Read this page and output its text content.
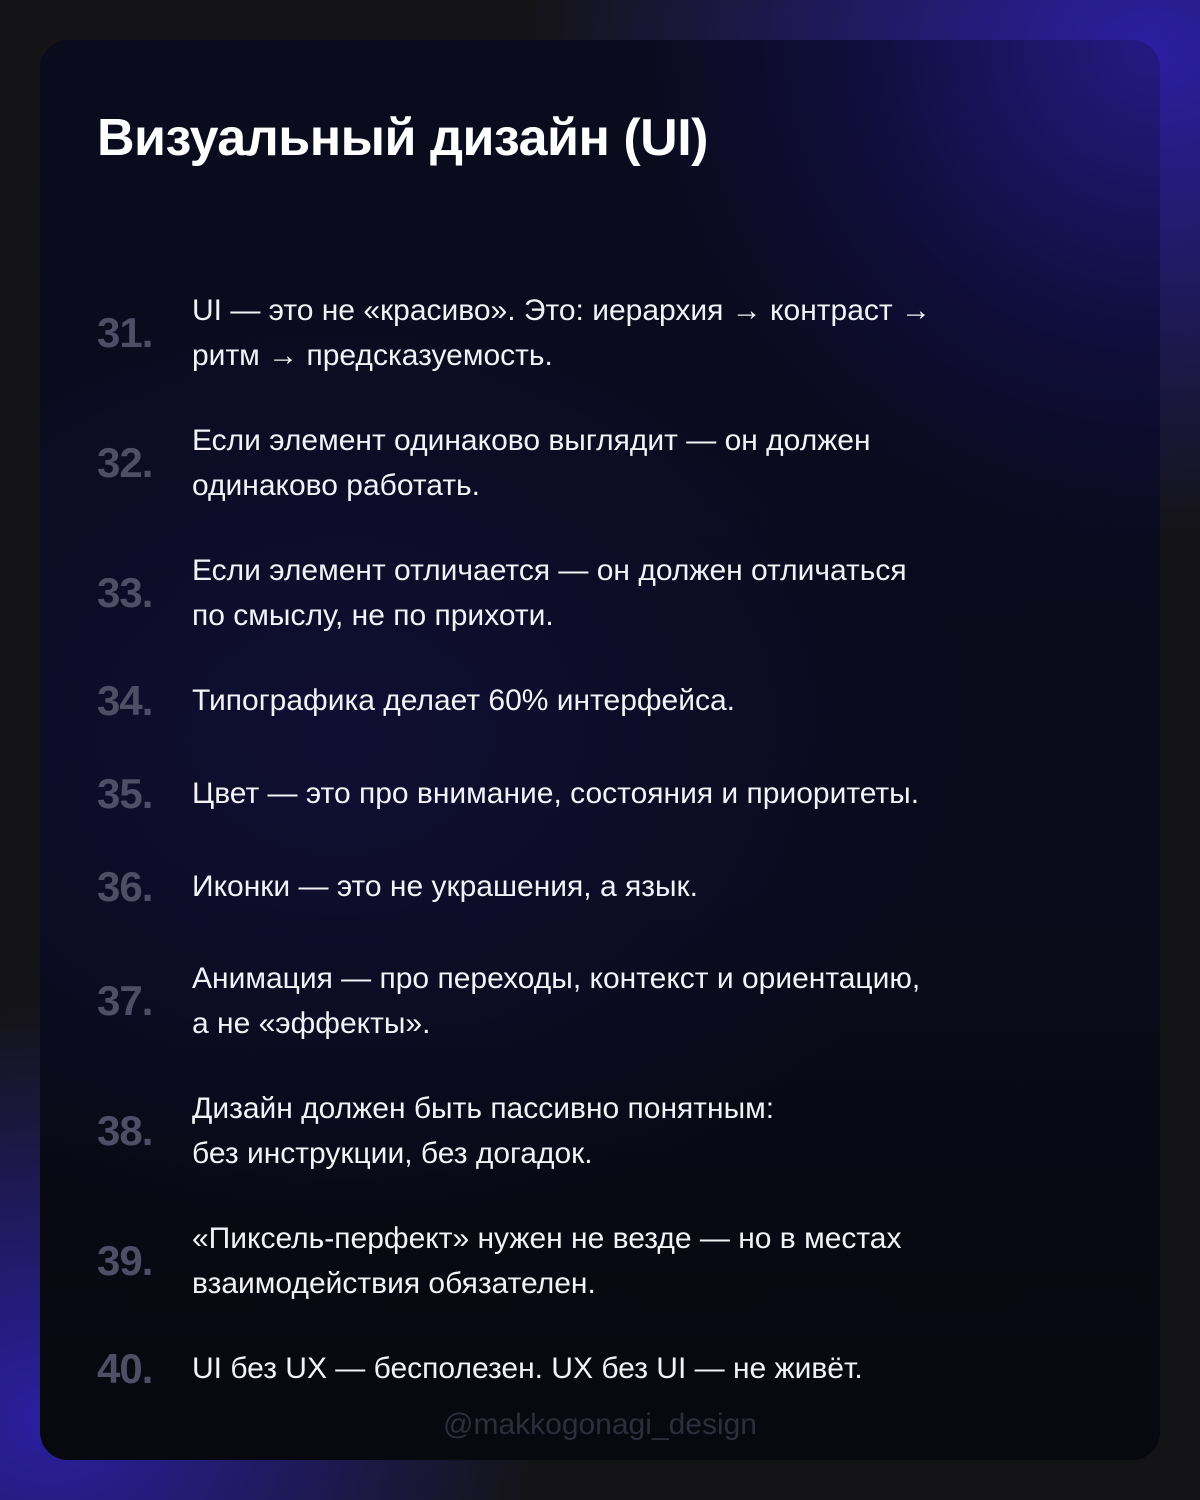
Визуальный дизайн (UI)
31.	UI — это не «красиво». Это: иерархия → контраст →
ритм → предсказуемость.
32.	Если элемент одинаково выглядит — он должен
одинаково работать.
33.	Если элемент отличается — он должен отличаться
по смыслу, не по прихоти.
34.	Типографика делает 60% интерфейса.
35.	Цвет — это про внимание, состояния и приоритеты.
36.	Иконки — это не украшения, а язык.
37.	Анимация — про переходы, контекст и ориентацию,
а не «эффекты».
38.	Дизайн должен быть пассивно понятным:
без инструкции, без догадок.
39.	«Пиксель-перфект» нужен не везде — но в местах
взаимодействия обязателен.
40.	UI без UX — бесполезен. UX без UI — не живёт.
@makkogonagi_design
